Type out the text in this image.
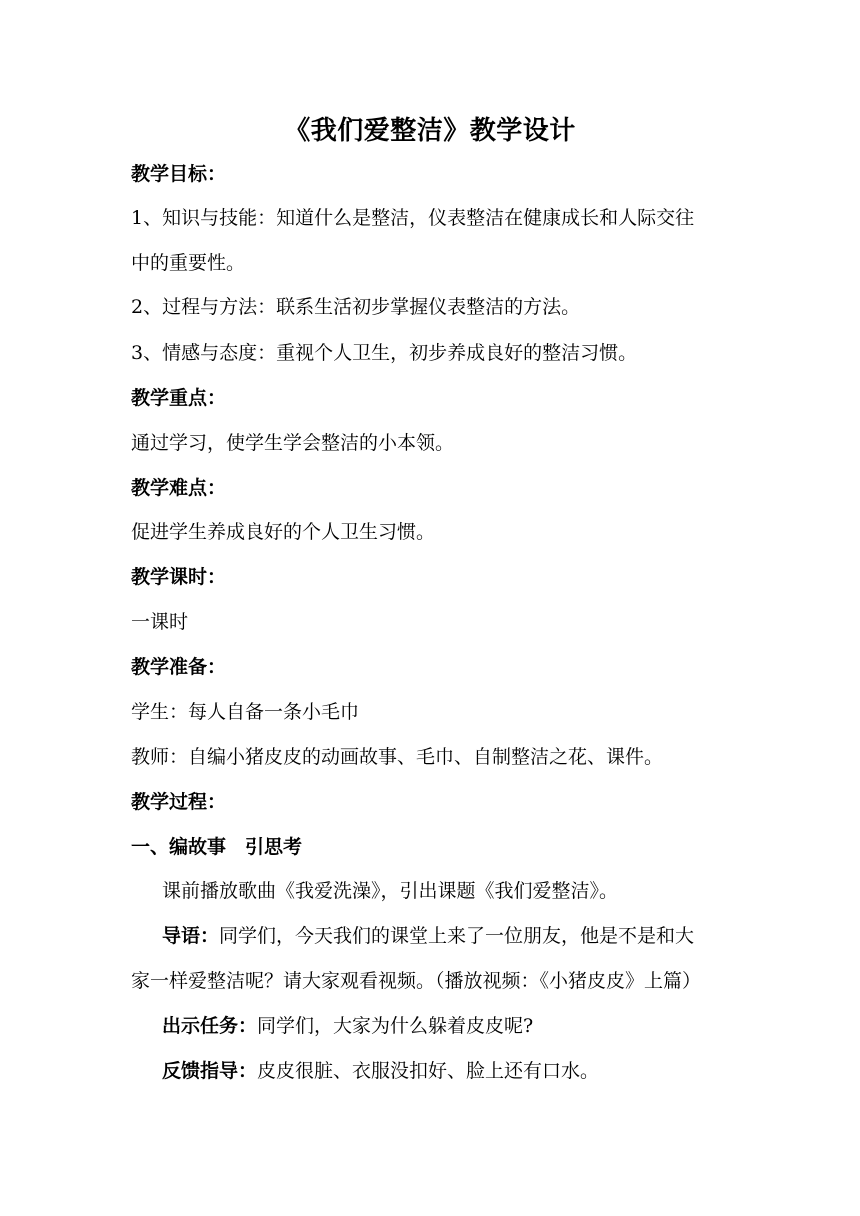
《我们爱整洁》教学设计
教学目标：
1、知识与技能：知道什么是整洁，仪表整洁在健康成长和人际交往
中的重要性。
2、过程与方法：联系生活初步掌握仪表整洁的方法。
3、情感与态度：重视个人卫生，初步养成良好的整洁习惯。
教学重点：
通过学习，使学生学会整洁的小本领。
教学难点：
促进学生养成良好的个人卫生习惯。
教学课时：
一课时
教学准备：
学生：每人自备一条小毛巾
教师：自编小猪皮皮的动画故事、毛巾、自制整洁之花、课件。
教学过程：
一、编故事　引思考
课前播放歌曲《我爱洗澡》，引出课题《我们爱整洁》。
导语：同学们，今天我们的课堂上来了一位朋友，他是不是和大
家一样爱整洁呢？请大家观看视频。（播放视频：《小猪皮皮》上篇）
出示任务：同学们，大家为什么躲着皮皮呢?
反馈指导：皮皮很脏、衣服没扣好、脸上还有口水。
